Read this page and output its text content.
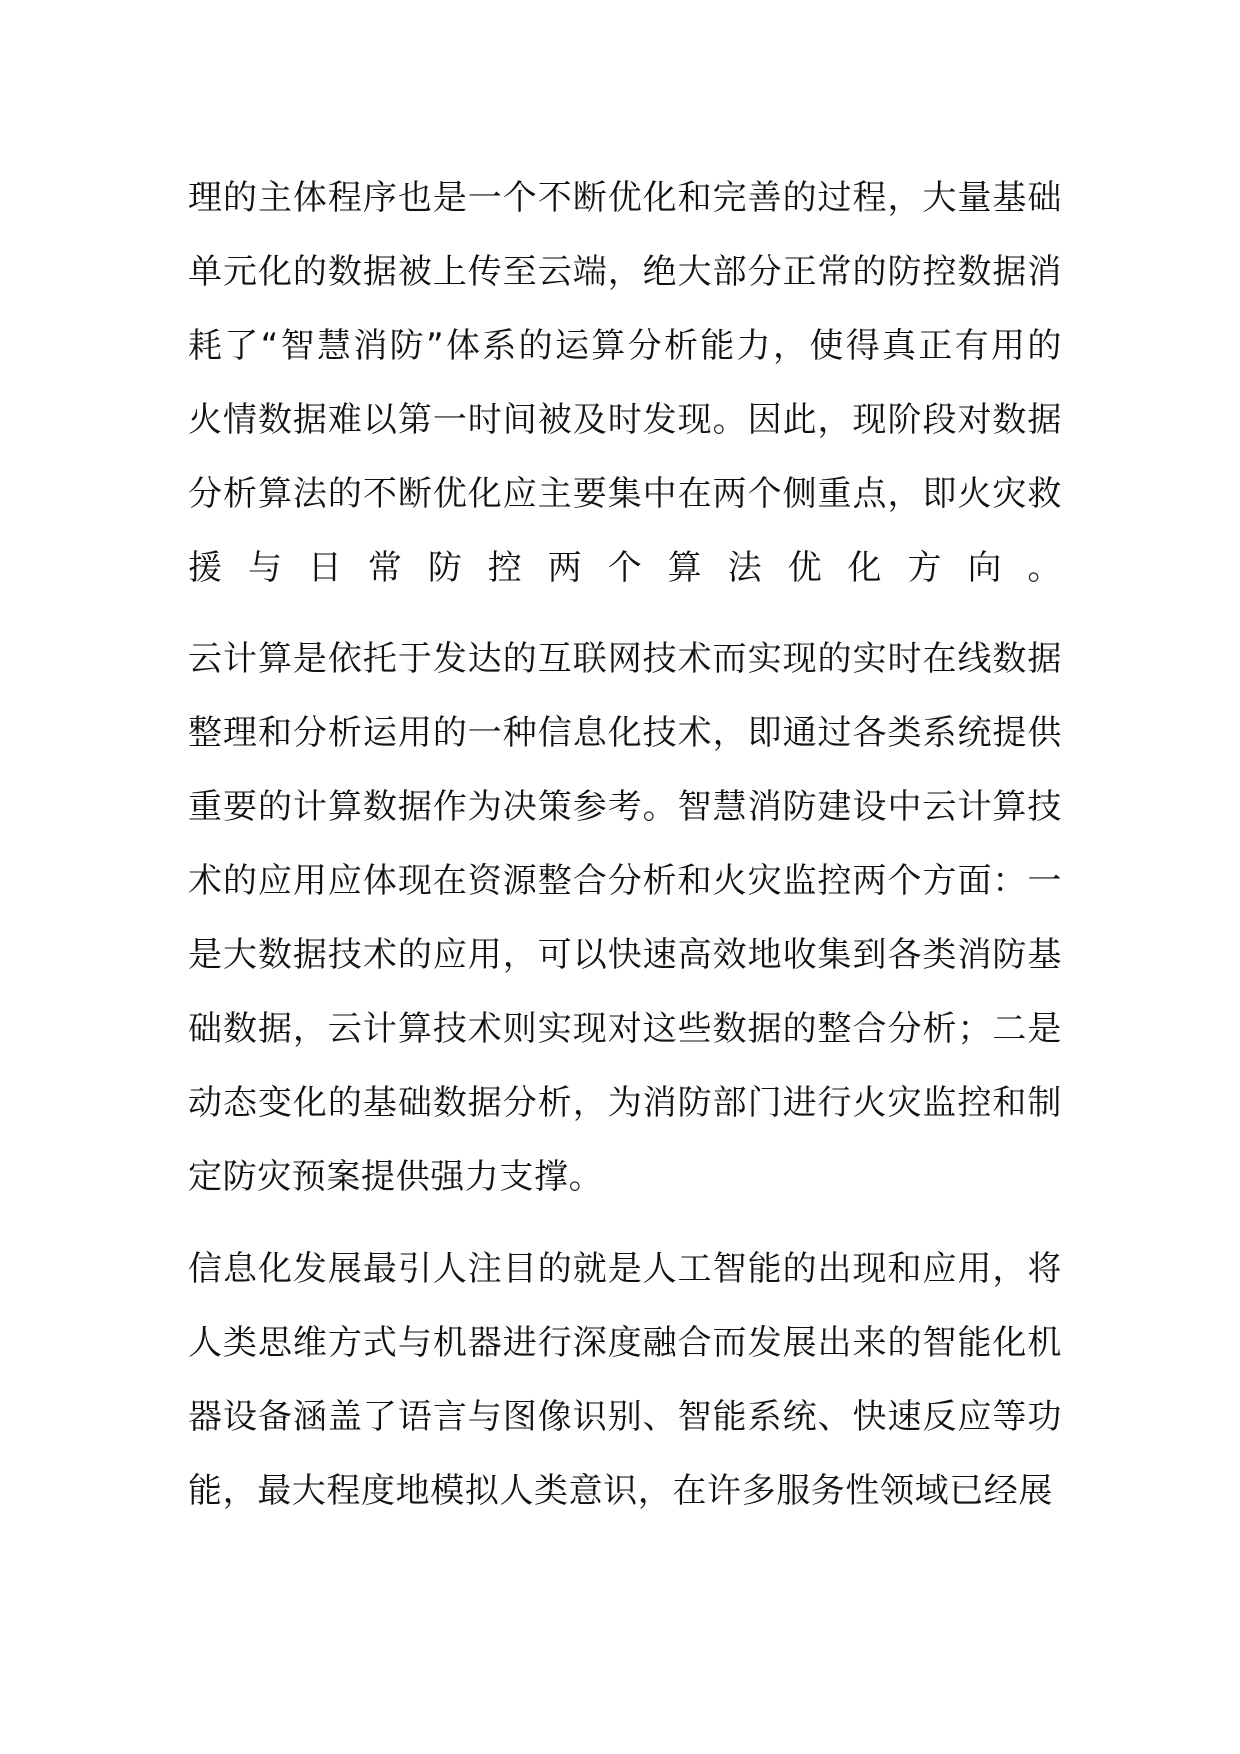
理的主体程序也是一个不断优化和完善的过程，大量基础
单元化的数据被上传至云端，绝大部分正常的防控数据消
耗了“智慧消防”体系的运算分析能力，使得真正有用的
火情数据难以第一时间被及时发现。因此，现阶段对数据
分析算法的不断优化应主要集中在两个侧重点，即火灾救
援与日常防控两个算法优化方向。
云计算是依托于发达的互联网技术而实现的实时在线数据
整理和分析运用的一种信息化技术，即通过各类系统提供
重要的计算数据作为决策参考。智慧消防建设中云计算技
术的应用应体现在资源整合分析和火灾监控两个方面：一
是大数据技术的应用，可以快速高效地收集到各类消防基
础数据，云计算技术则实现对这些数据的整合分析；二是
动态变化的基础数据分析，为消防部门进行火灾监控和制
定防灾预案提供强力支撑。
信息化发展最引人注目的就是人工智能的出现和应用，将
人类思维方式与机器进行深度融合而发展出来的智能化机
器设备涵盖了语言与图像识别、智能系统、快速反应等功
能，最大程度地模拟人类意识，在许多服务性领域已经展
